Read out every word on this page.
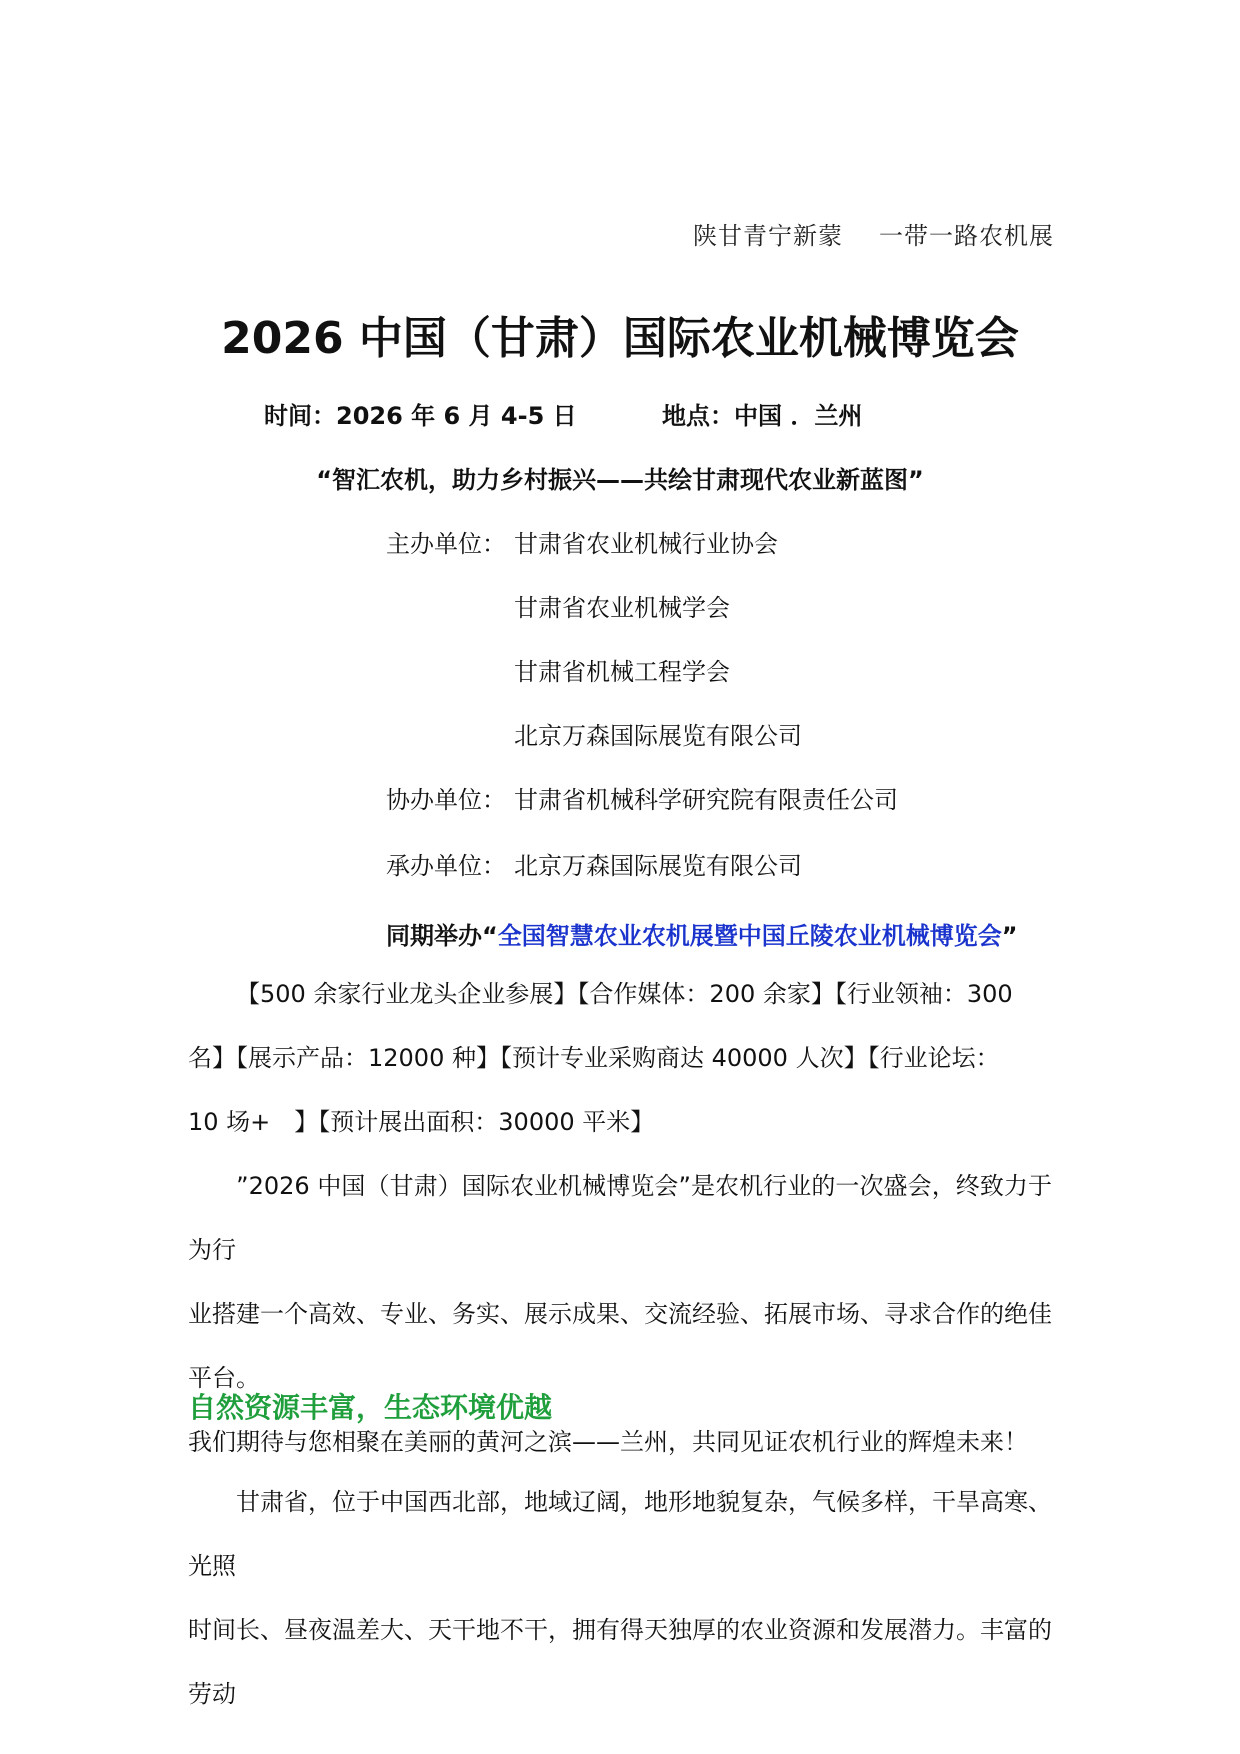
陕甘青宁新蒙 一带一路农机展
2026 中国（甘肃）国际农业机械博览会
时间：2026 年 6 月 4-5 日	地点：中国 ．兰州
“智汇农机，助力乡村振兴——共绘甘肃现代农业新蓝图”
主办单位： 甘肃省农业机械行业协会
甘肃省农业机械学会
甘肃省机械工程学会
北京万森国际展览有限公司
协办单位： 甘肃省机械科学研究院有限责任公司
承办单位： 北京万森国际展览有限公司
同期举办“全国智慧农业农机展暨中国丘陵农业机械博览会”

【500 余家行业龙头企业参展】【合作媒体：200 余家】【行业领袖：300

名】【展示产品：12000 种】【预计专业采购商达 40000 人次】【行业论坛：

10 场+　】【预计展出面积：30000 平米】

　　”2026 中国（甘肃）国际农业机械博览会”是农机行业的一次盛会，终致力于为行

业搭建一个高效、专业、务实、展示成果、交流经验、拓展市场、寻求合作的绝佳平台。

我们期待与您相聚在美丽的黄河之滨——兰州，共同见证农机行业的辉煌未来！

自然资源丰富，生态环境优越

　　甘肃省，位于中国西北部，地域辽阔，地形地貌复杂，气候多样，干旱高寒、光照

时间长、昼夜温差大、天干地不干，拥有得天独厚的农业资源和发展潜力。丰富的劳动
